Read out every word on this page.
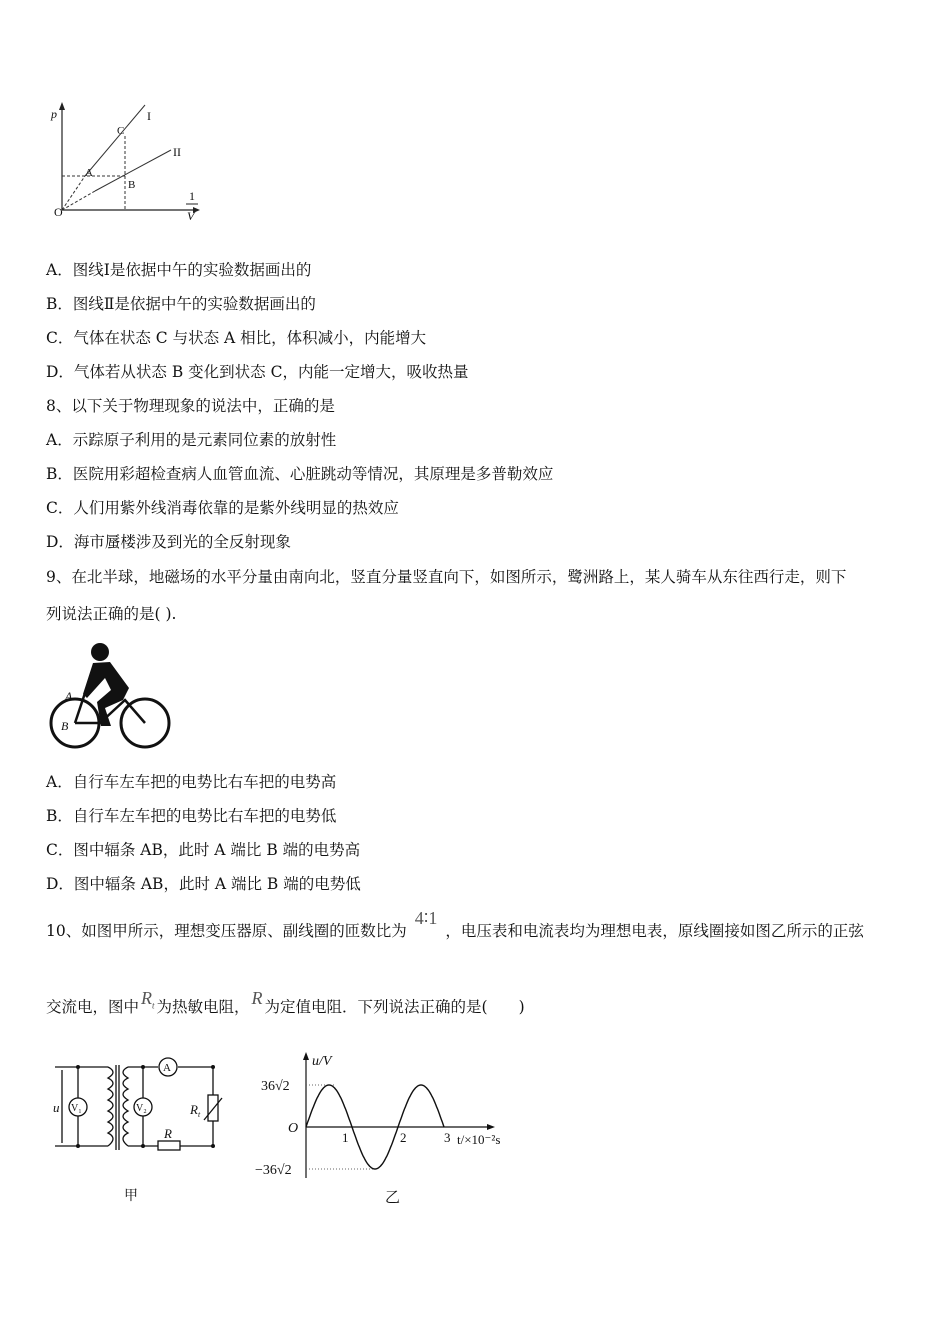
p
O
A
B
C
I
II
1
V
A．图线Ⅰ是依据中午的实验数据画出的
B．图线Ⅱ是依据中午的实验数据画出的
C．气体在状态 C 与状态 A 相比，体积减小，内能增大
D．气体若从状态 B 变化到状态 C，内能一定增大，吸收热量
8、以下关于物理现象的说法中，正确的是
A．示踪原子利用的是元素同位素的放射性
B．医院用彩超检查病人血管血流、心脏跳动等情况，其原理是多普勒效应
C．人们用紫外线消毒依靠的是紫外线明显的热效应
D．海市蜃楼涉及到光的全反射现象
9、在北半球，地磁场的水平分量由南向北，竖直分量竖直向下，如图所示，鹭洲路上，某人骑车从东往西行走，则下
列说法正确的是( ).
A
B
A．自行车左车把的电势比右车把的电势高
B．自行车左车把的电势比右车把的电势低
C．图中辐条 AB，此时 A 端比 B 端的电势高
D．图中辐条 AB，此时 A 端比 B 端的电势低
10、如图甲所示，理想变压器原、副线圈的匝数比为4∶1，电压表和电流表均为理想电表，原线圈接如图乙所示的正弦
交流电，图中 $R_t$ 为热敏电阻， R 为定值电阻．下列说法正确的是(　　)
u V₁	V₂
A
$R_t$
R
甲
u/V
36√2
−36√2
O
1	2	3 t/×10⁻²s
乙
